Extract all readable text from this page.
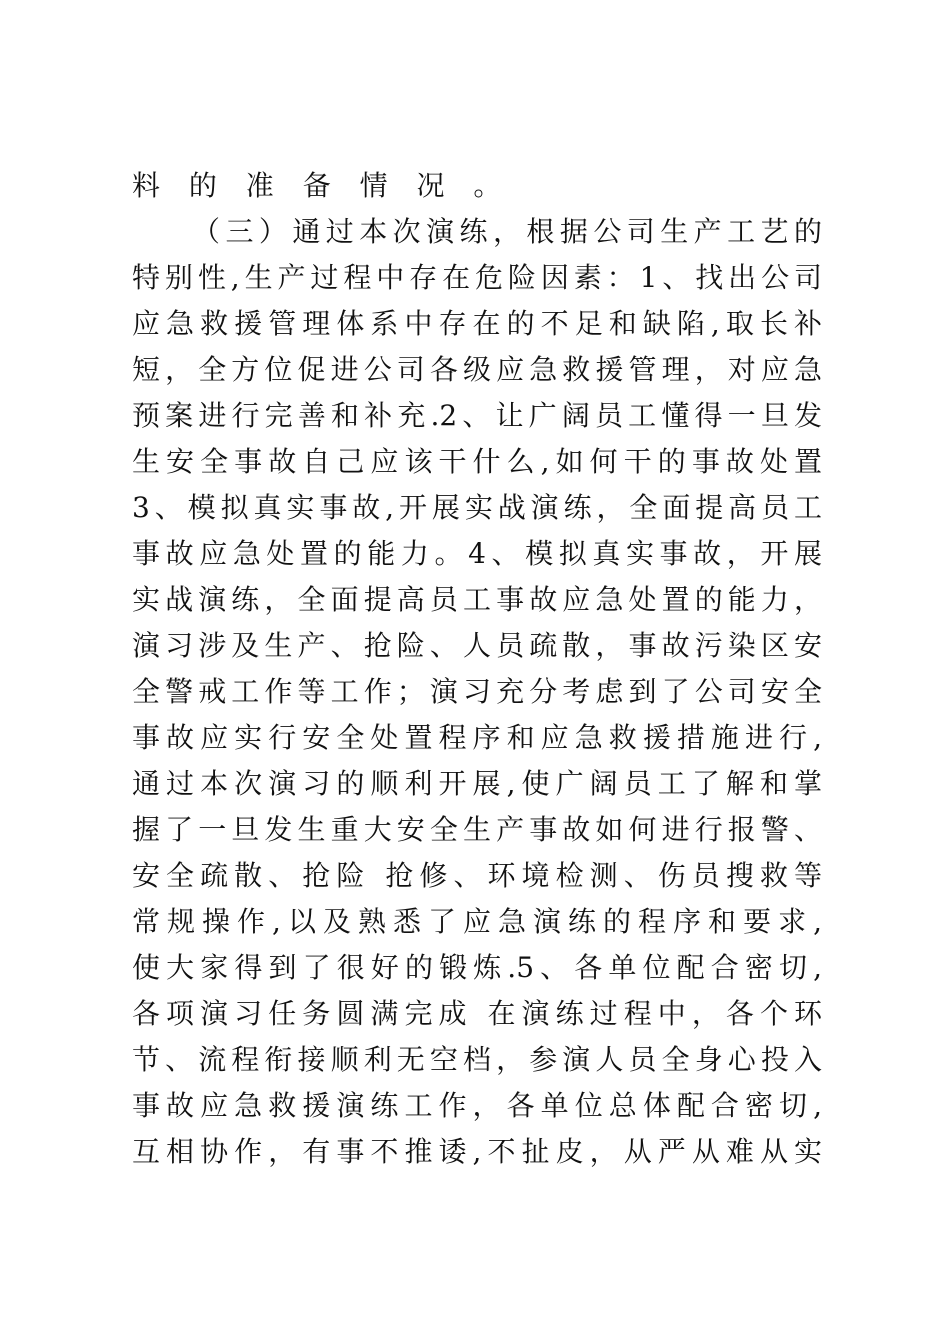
料 的 准 备 情 况 。
（三）通过本次演练，根据公司生产工艺的
特别性,生产过程中存在危险因素：1、找出公司
应急救援管理体系中存在的不足和缺陷,取长补
短，全方位促进公司各级应急救援管理，对应急
预案进行完善和补充.2、让广阔员工懂得一旦发
生安全事故自己应该干什么,如何干的事故处置
3、模拟真实事故,开展实战演练，全面提高员工
事故应急处置的能力。4、模拟真实事故，开展
实战演练，全面提高员工事故应急处置的能力，
演习涉及生产、抢险、人员疏散，事故污染区安
全警戒工作等工作；演习充分考虑到了公司安全
事故应实行安全处置程序和应急救援措施进行,
通过本次演习的顺利开展,使广阔员工了解和掌
握了一旦发生重大安全生产事故如何进行报警、
安全疏散、抢险 抢修、环境检测、伤员搜救等
常规操作,以及熟悉了应急演练的程序和要求,
使大家得到了很好的锻炼.5、各单位配合密切,
各项演习任务圆满完成 在演练过程中，各个环
节、流程衔接顺利无空档，参演人员全身心投入
事故应急救援演练工作，各单位总体配合密切,
互相协作，有事不推诿,不扯皮，从严从难从实
